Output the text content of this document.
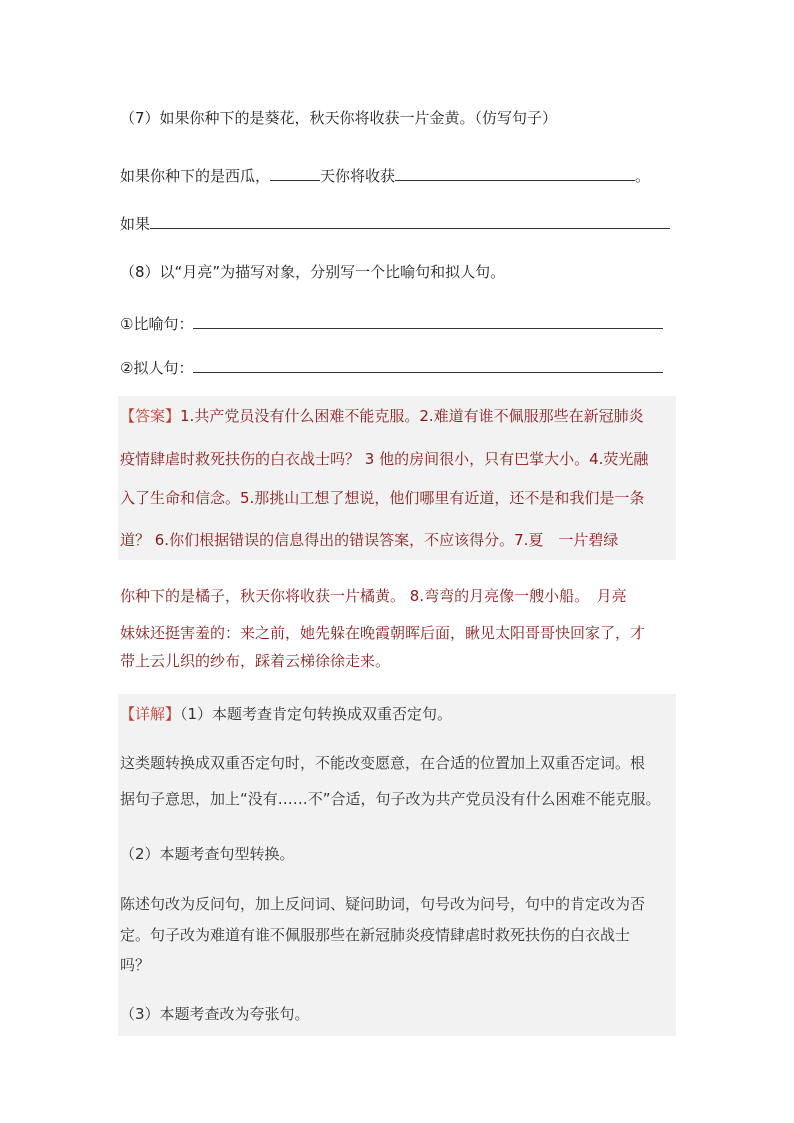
（7）如果你种下的是葵花，秋天你将收获一片金黄。（仿写句子）
如果你种下的是西瓜，	天你将收获	。
如果
（8）以“月亮”为描写对象，分别写一个比喻句和拟人句。
①比喻句：
②拟人句：
【答案】1.共产党员没有什么困难不能克服。2.难道有谁不佩服那些在新冠肺炎
疫情肆虐时救死扶伤的白衣战士吗？ 3 他的房间很小，只有巴掌大小。4.荧光融
入了生命和信念。5.那挑山工想了想说，他们哪里有近道，还不是和我们是一条
道？ 6.你们根据错误的信息得出的错误答案，不应该得分。7.夏　一片碧绿
你种下的是橘子，秋天你将收获一片橘黄。 8.弯弯的月亮像一艘小船。　月亮
妹妹还挺害羞的：来之前，她先躲在晚霞朝晖后面，瞅见太阳哥哥快回家了，才
带上云儿织的纱布，踩着云梯徐徐走来。
【详解】（1）本题考查肯定句转换成双重否定句。
这类题转换成双重否定句时，不能改变愿意，在合适的位置加上双重否定词。根
据句子意思，加上“没有……不”合适，句子改为共产党员没有什么困难不能克服。
（2）本题考查句型转换。
陈述句改为反问句，加上反问词、疑问助词，句号改为问号，句中的肯定改为否
定。句子改为难道有谁不佩服那些在新冠肺炎疫情肆虐时救死扶伤的白衣战士
吗？
（3）本题考查改为夸张句。
